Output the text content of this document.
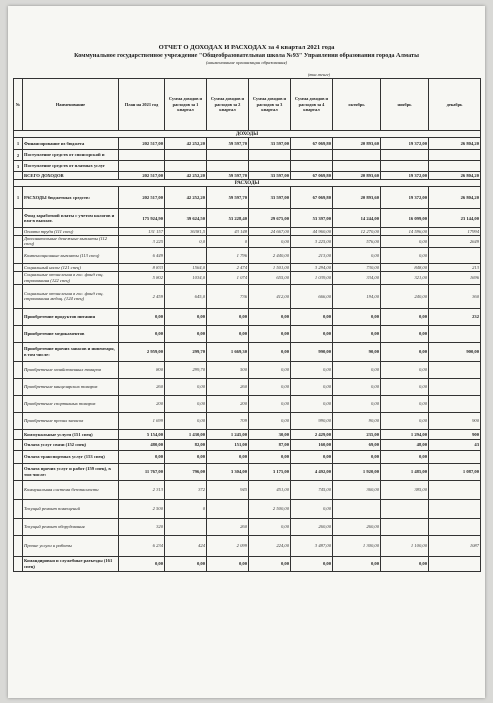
ОТЧЕТ О ДОХОДАХ И РАСХОДАХ за 4 квартал 2021 года
Коммунальное государственное учреждение "Общеобразовательная школа №93" Управления образования города Алматы
(наименование организации образования)
(тыс.тенге)
№	Наименование	План на 2021 год	Сумма доходов и расходов за 1 квартал	Сумма доходов и расходов за 2 квартал	Сумма доходов и расходов за 3 квартал	Сумма доходов и расходов за 4 квартал	октябрь	ноябрь	декабрь
ДОХОДЫ									
1	Финансирование из бюджета	202 517,00	42 252,20	59 597,70	33 597,00	67 069,80	20 893,60	19 372,00	26 804,20
2	Поступление средств от спонсорской и								
3	Поступление средств от платных услуг								
	ВСЕГО ДОХОДОВ	202 517,00	42 252,20	59 597,70	33 597,00	67 069,80	20 893,60	19 372,00	26 804,20
РАСХОДЫ									
1	РАСХОДЫ бюджетных средств:	202 517,00	42 252,20	59 597,70	33 597,00	67 069,80	20 893,60	19 372,00	26 804,20
	Фонд заработной платы с учетом налогов и взн-в выплат.	175 924,90	39 624,50	53 228,40	29 675,00	53 397,00	14 244,00	16 099,00	23 144,00
	Оплата труда (111 спец)	131 157	36381,5	43 148	24 667,00	44 960,00	12 270,00	14 596,00	17994
	Дополнительные денежные выплаты (112 спец)	3 225	0,0	0	0,00	3 225,00	576,00	0,00	2649
	Компенсационные выплаты (113 спец)	6 449		1 796	2 440,00	213,00	0,00	0,00	
	Социальный налог (121 спец)	8 833	1564,0	2 474	1 501,00	3 294,00	730,00	848,00	213
	Социальные отчисления в гос. фонд соц. страхования (122 спец)	5 802	1034,0	1 074	655,00	1 039,00	334,00	321,00	1696
	Социальные отчисления в гос. фонд соц. страхования медиц. (124 спец)	2 459	645,0	736	412,00	666,00	194,00	240,00	360
	Приобретение продуктов питания	0,00	0,00	0,00	0,00	0,00	0,00	0,00	232
	Приобретение медикаментов	0,00	0,00	0,00	0,00	0,00	0,00	0,00	
	Приобретение прочих запасов и инвентаря, в том числе:	2 959,00	299,70	1 669,30	0,00	990,00	90,00	0,00	900,00
	Приобретение хозяйственных товаров	800	299,70	500	0,00	0,00	0,00	0,00	
	Приобретение канцелярских товаров	260	0,00	260	0,00	0,00	0,00	0,00	
	Приобретение спортивных товаров	200	0,00	200	0,00	0,00	0,00	0,00	
	Приобретение прочих запасов	1 699	0,00	709	0,00	990,00	90,00	0,00	900
	Коммунальные услуги (151 спец)	5 154,00	1 430,00	1 245,00	30,00	2 429,00	235,00	1 294,00	900
	Оплата услуг связи (152 спец)	480,00	82,00	151,00	87,00	160,00	69,00	48,00	43
	Оплата транспортных услуг (153 спец)	0,00	0,00	0,00	0,00	0,00	0,00	0,00	
	Оплата прочих услуг и работ (159 спец), в том числе:	11 767,00	796,00	3 304,00	3 175,00	4 492,00	1 920,00	1 485,00	1 087,00
	Коммунальная система безопасности	2 313	372	945	451,00	745,00	360,00	385,00	
	Текущий ремонт помещений	2 500	0		2 500,00	0,00			
	Текущий ремонт оборудования	320		260	0,00	260,00	260,00		
	Прочие услуги и работы	6 234	424	2 099	224,00	3 487,00	1 300,00	1 100,00	1087
	Командировки и служебные разъезды (161 спец)	0,00	0,00	0,00	0,00	0,00	0,00	0,00	
